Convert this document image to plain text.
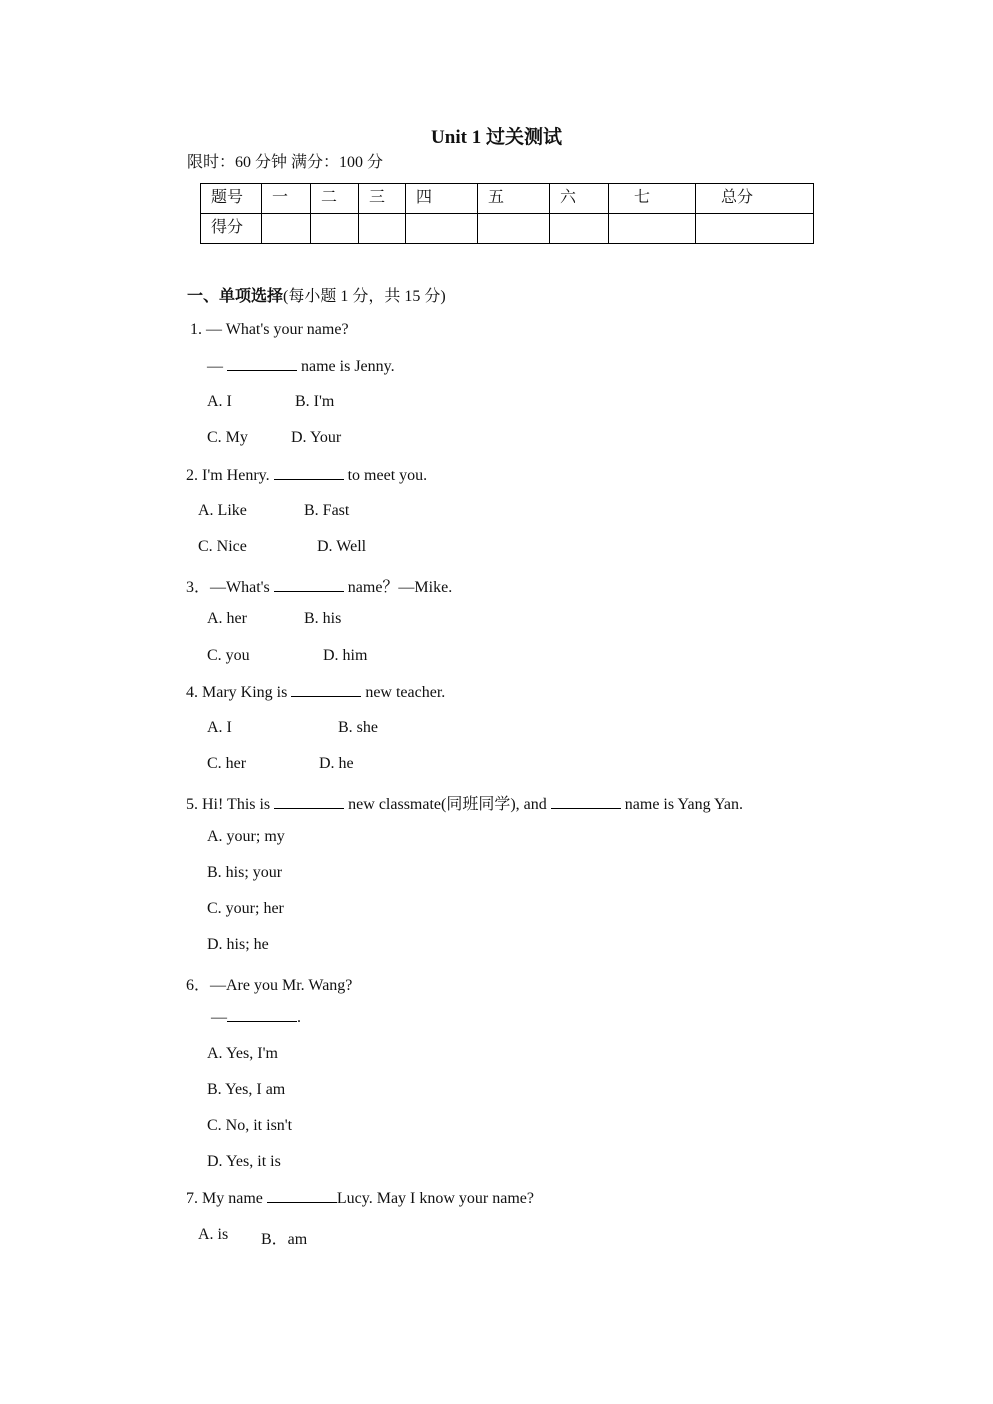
Unit 1 过关测试
限时：60 分钟 满分：100 分
题号	一	二	三	四	五	六	七	总分
得分								
一、单项选择(每小题 1 分，共 15 分)
1. — What's your name?
—	name is Jenny.
A. I	B. I'm
C. My	D. Your
2. I'm Henry.	to meet you.
A. Like	B. Fast
C. Nice	D. Well
3．—What's	name？—Mike.
A. her	B. his
C. you	D. him
4. Mary King is	new teacher.
A. I	B. she
C. her	D. he
5. Hi! This is	new classmate(同班同学), and	name is Yang Yan.
A. your; my
B. his; your
C. your; her
D. his; he
6．—Are you Mr. Wang?
—	.
A. Yes, I'm
B. Yes, I am
C. No, it isn't
D. Yes, it is
7. My name	Lucy. May I know your name?
A. is B．am
